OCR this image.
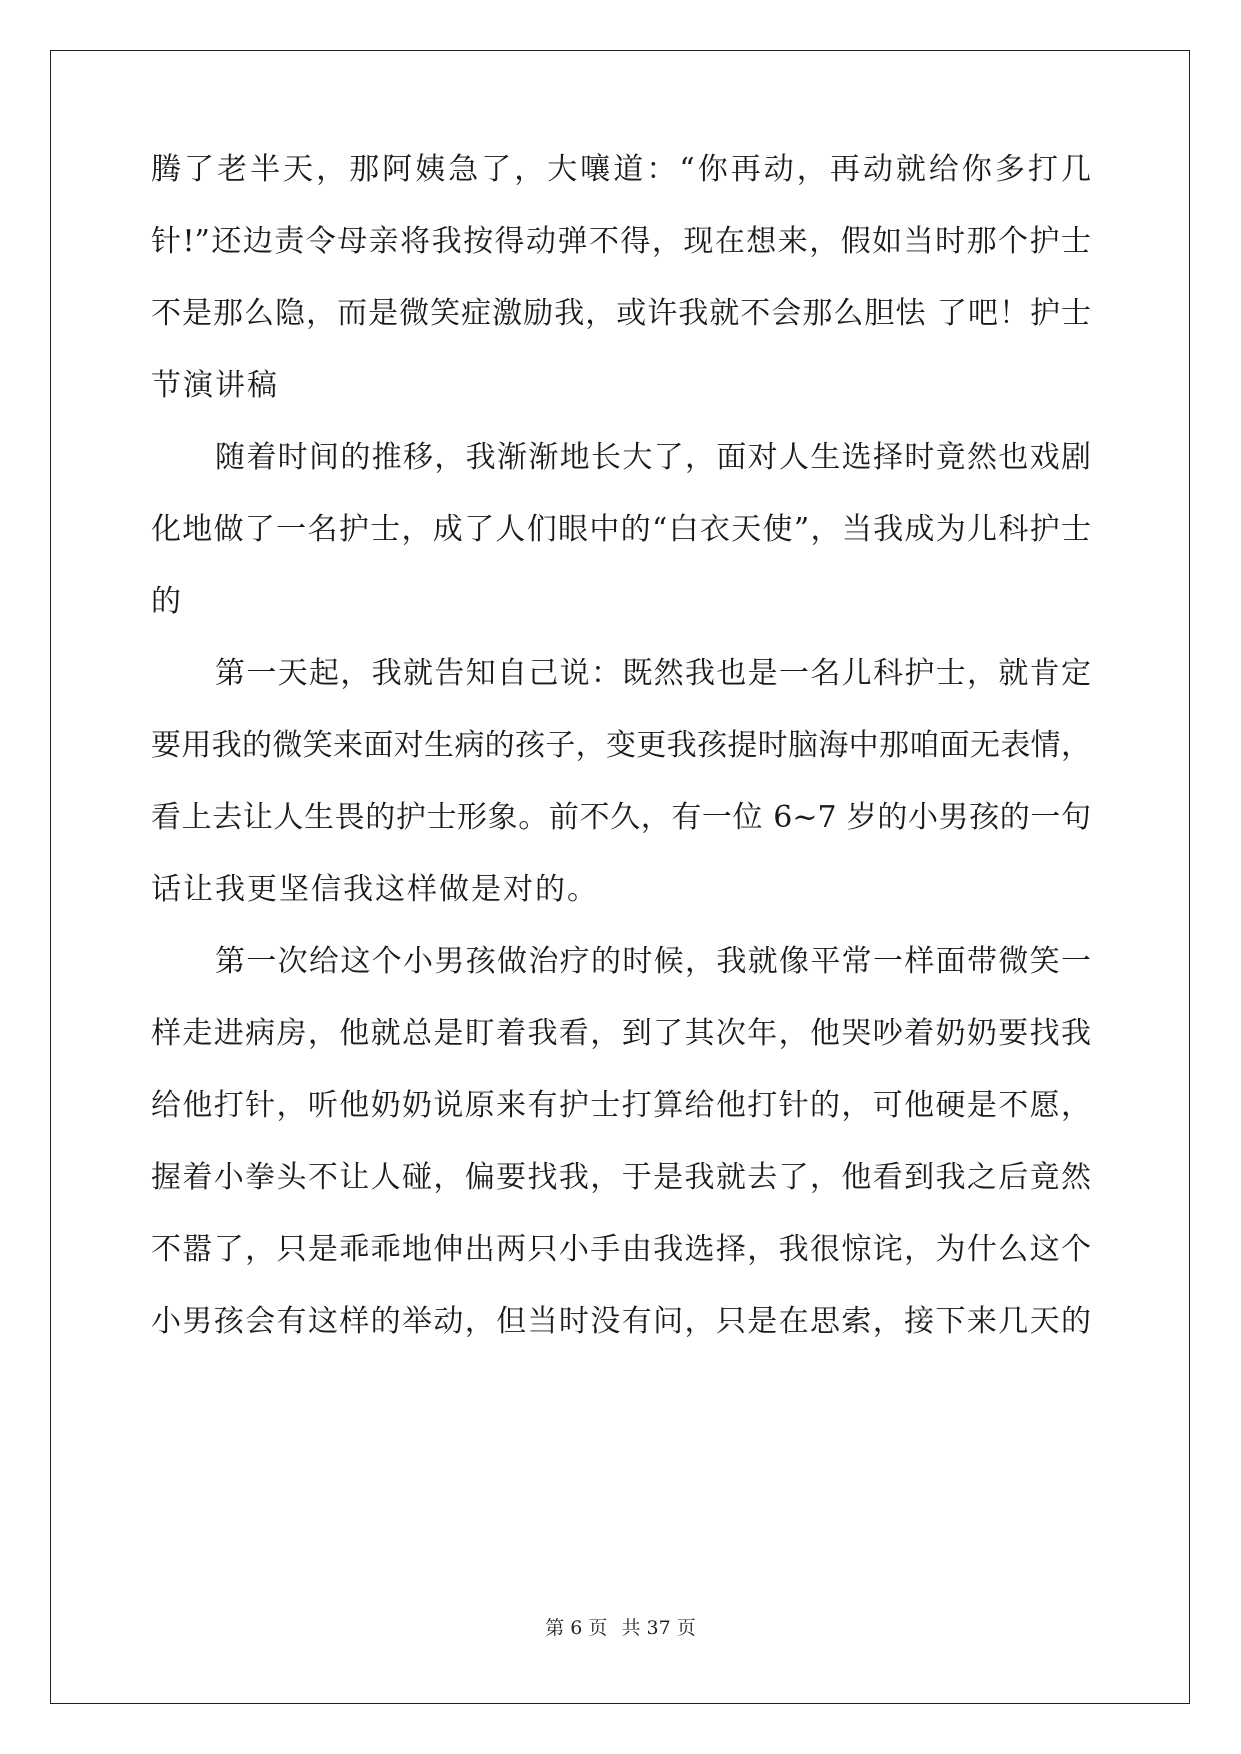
腾了老半天，那阿姨急了，大嚷道：“你再动，再动就给你多打几
针!”还边责令母亲将我按得动弹不得，现在想来，假如当时那个护士
不是那么隐，而是微笑症激励我，或许我就不会那么胆怯 了吧！护士
节演讲稿
随着时间的推移，我渐渐地长大了，面对人生选择时竟然也戏剧
化地做了一名护士，成了人们眼中的“白衣天使”，当我成为儿科护士
的
第一天起，我就告知自己说：既然我也是一名儿科护士，就肯定
要用我的微笑来面对生病的孩子，变更我孩提时脑海中那咱面无表情，
看上去让人生畏的护士形象。前不久，有一位 6~7 岁的小男孩的一句
话让我更坚信我这样做是对的。
第一次给这个小男孩做治疗的时候，我就像平常一样面带微笑一
样走进病房，他就总是盯着我看，到了其次年，他哭吵着奶奶要找我
给他打针，听他奶奶说原来有护士打算给他打针的，可他硬是不愿，
握着小拳头不让人碰，偏要找我，于是我就去了，他看到我之后竟然
不嚣了，只是乖乖地伸出两只小手由我选择，我很惊诧，为什么这个
小男孩会有这样的举动，但当时没有问，只是在思索，接下来几天的
第 6 页 共 37 页
